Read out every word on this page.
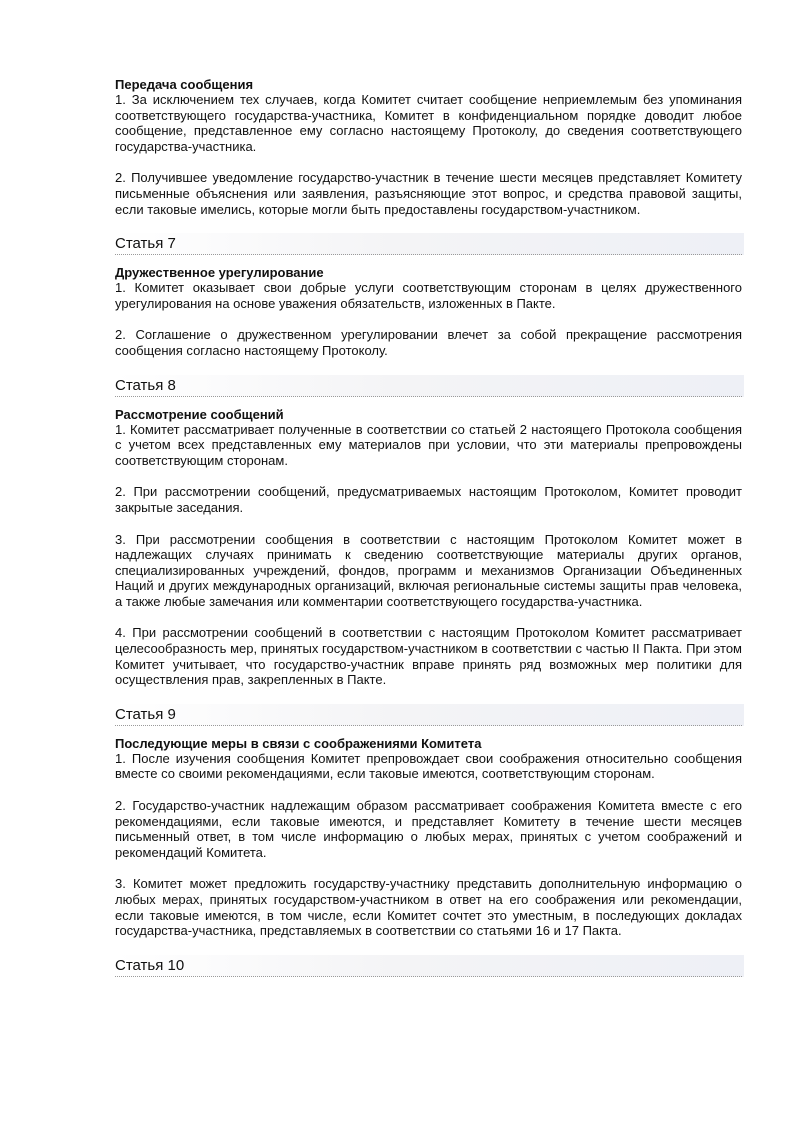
Передача сообщения

1. За исключением тех случаев, когда Комитет считает сообщение неприемлемым без упоминания соответствующего государства-участника, Комитет в конфиденциальном порядке доводит любое сообщение, представленное ему согласно настоящему Протоколу, до сведения соответствующего государства-участника.

2. Получившее уведомление государство-участник в течение шести месяцев представляет Комитету письменные объяснения или заявления, разъясняющие этот вопрос, и средства правовой защиты, если таковые имелись, которые могли быть предоставлены государством-участником.

Статья 7

Дружественное урегулирование

1. Комитет оказывает свои добрые услуги соответствующим сторонам в целях дружественного урегулирования на основе уважения обязательств, изложенных в Пакте.

2. Соглашение о дружественном урегулировании влечет за собой прекращение рассмотрения сообщения согласно настоящему Протоколу.

Статья 8

Рассмотрение сообщений

1. Комитет рассматривает полученные в соответствии со статьей 2 настоящего Протокола сообщения с учетом всех представленных ему материалов при условии, что эти материалы препровождены соответствующим сторонам.

2. При рассмотрении сообщений, предусматриваемых настоящим Протоколом, Комитет проводит закрытые заседания.

3. При рассмотрении сообщения в соответствии с настоящим Протоколом Комитет может в надлежащих случаях принимать к сведению соответствующие материалы других органов, специализированных учреждений, фондов, программ и механизмов Организации Объединенных Наций и других международных организаций, включая региональные системы защиты прав человека, а также любые замечания или комментарии соответствующего государства-участника.

4. При рассмотрении сообщений в соответствии с настоящим Протоколом Комитет рассматривает целесообразность мер, принятых государством-участником в соответствии с частью II Пакта. При этом Комитет учитывает, что государство-участник вправе принять ряд возможных мер политики для осуществления прав, закрепленных в Пакте.

Статья 9

Последующие меры в связи с соображениями Комитета

1. После изучения сообщения Комитет препровождает свои соображения относительно сообщения вместе со своими рекомендациями, если таковые имеются, соответствующим сторонам.

2. Государство-участник надлежащим образом рассматривает соображения Комитета вместе с его рекомендациями, если таковые имеются, и представляет Комитету в течение шести месяцев письменный ответ, в том числе информацию о любых мерах, принятых с учетом соображений и рекомендаций Комитета.

3. Комитет может предложить государству-участнику представить дополнительную информацию о любых мерах, принятых государством-участником в ответ на его соображения или рекомендации, если таковые имеются, в том числе, если Комитет сочтет это уместным, в последующих докладах государства-участника, представляемых в соответствии со статьями 16 и 17 Пакта.

Статья 10
